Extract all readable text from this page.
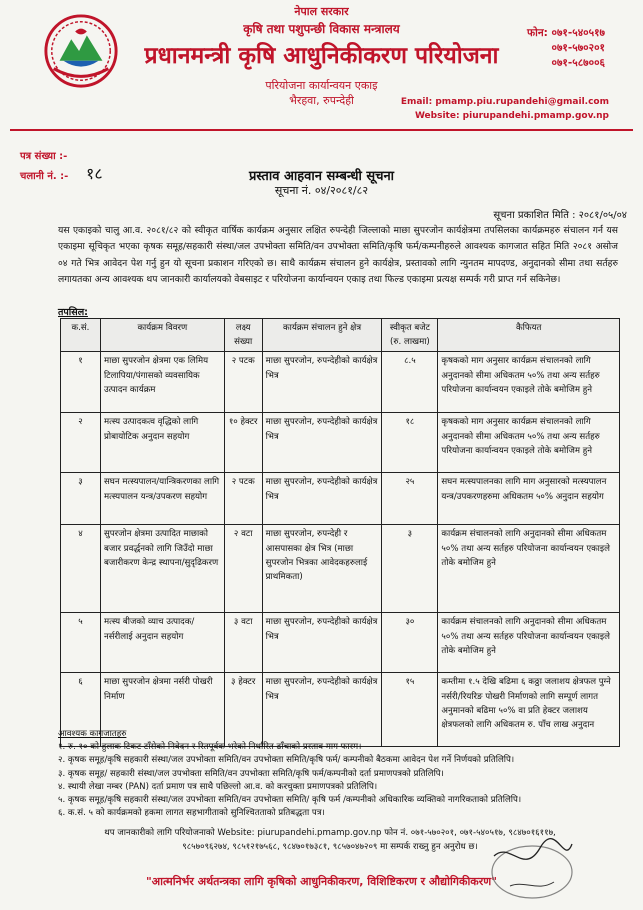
नेपाल सरकार
कृषि तथा पशुपन्छी विकास मन्त्रालय
प्रधानमन्त्री कृषि आधुनिकीकरण परियोजना
परियोजना कार्यान्वयन एकाइ
भैरहवा, रुपन्देही
फोन: ०७१-५४०५१७
०७१-५७०२०१
०७१-५८७००६
Email: pmamp.piu.rupandehi@gmail.com
Website: piurupandehi.pmamp.gov.np
पत्र संख्या :-
चलानी नं. :- १८	प्रस्ताव आहवान सम्बन्धी सूचना
सूचना नं. ०४/२०८१/८२
सूचना प्रकाशित मिति : २०८१/०५/०४
यस एकाइको चालु आ.व. २०८१/८२ को स्वीकृत वार्षिक कार्यक्रम अनुसार लक्षित रुपन्देही जिल्लाको माछा सुपरजोन कार्यक्षेत्रमा तपसिलका कार्यक्रमहरु संचालन गर्न यस एकाइमा सूचिकृत भएका कृषक समूह/सहकारी संस्था/जल उपभोक्ता समिति/वन उपभोक्ता समिति/कृषि फर्म/कम्पनीहरुले आवश्यक कागजात सहित मिति २०८१ असोज ०४ गते भित्र आवेदन पेश गर्नु हुन यो सूचना प्रकाशन गरिएको छ। साथै कार्यक्रम संचालन हुने कार्यक्षेत्र, प्रस्तावको लागि न्युनतम मापदण्ड, अनुदानको सीमा तथा सर्तहरु लगायतका अन्य आवश्यक थप जानकारी कार्यालयको वेबसाइट र परियोजना कार्यान्वयन एकाइ तथा फिल्ड एकाइमा प्रत्यक्ष सम्पर्क गरी प्राप्त गर्न सकिनेछ।
तपसिल:
क.सं.	कार्यक्रम विवरण	लक्ष्य संख्या	कार्यक्रम संचालन हुने क्षेत्र	स्वीकृत बजेट (रु. लाखमा)	कैफियत
१	माछा सुपरजोन क्षेत्रमा एक लिमिय टिलापिया/पंगासको व्यवसायिक उत्पादन कार्यक्रम	२ पटक	माछा सुपरजोन, रुपन्देहीको कार्यक्षेत्र भित्र	८.५	कृषकको माग अनुसार कार्यक्रम संचालनको लागि अनुदानको सीमा अधिकतम ५०% तथा अन्य सर्तहरु परियोजना कार्यान्वयन एकाइले तोके बमोजिम हुने
२	मत्स्य उत्पादकत्व वृद्धिको लागि प्रोबायोटिक अनुदान सहयोग	१० हेक्टर	माछा सुपरजोन, रुपन्देहीको कार्यक्षेत्र भित्र	१८	कृषकको माग अनुसार कार्यक्रम संचालनको लागि अनुदानको सीमा अधिकतम ५०% तथा अन्य सर्तहरु परियोजना कार्यान्वयन एकाइले तोके बमोजिम हुने
३	सघन मत्स्यपालन/यान्त्रिकरणका लागि मत्स्यपालन यन्त्र/उपकरण सहयोग	२ पटक	माछा सुपरजोन, रुपन्देहीको कार्यक्षेत्र भित्र	२५	सघन मत्स्यपालनका लागि माग अनुसारको मत्स्यपालन यन्त्र/उपकरणहरुमा अधिकतम ५०% अनुदान सहयोग
४	सुपरजोन क्षेत्रमा उत्पादित माछाको बजार प्रवर्द्धनको लागि जिउँदो माछा बजारीकरण केन्द्र स्थापना/सुदृढिकरण	२ वटा	माछा सुपरजोन, रुपन्देही र आसपासका क्षेत्र भित्र (माछा सुपरजोन भित्रका आवेदकहरुलाई प्राथमिकता)	३	कार्यक्रम संचालनको लागि अनुदानको सीमा अधिकतम ५०% तथा अन्य सर्तहरु परियोजना कार्यान्वयन एकाइले तोके बमोजिम हुने
५	मत्स्य बीजको व्याच उत्पादक/नर्सरीलाई अनुदान सहयोग	३ वटा	माछा सुपरजोन, रुपन्देहीको कार्यक्षेत्र भित्र	३०	कार्यक्रम संचालनको लागि अनुदानको सीमा अधिकतम ५०% तथा अन्य सर्तहरु परियोजना कार्यान्वयन एकाइले तोके बमोजिम हुने
६	माछा सुपरजोन क्षेत्रमा नर्सरी पोखरी निर्माण	३ हेक्टर	माछा सुपरजोन, रुपन्देहीको कार्यक्षेत्र भित्र	१५	कम्तीमा १.५ देखि बढिमा ६ कठ्ठा जलाशय क्षेत्रफल पुग्ने नर्सरी/रियरिङ पोखरी निर्माणको लागि सम्पूर्ण लागत अनुमानको बढिमा ५०% वा प्रति हेक्टर जलाशय क्षेत्रफलको लागि अधिकतम रु. पाँच लाख अनुदान
आवश्यक कागजातहरु
१. रु. १० को हुलाक टिकट टाँसेको निवेदन र रितपूर्वक भरेको निर्धारित ढाँचाको प्रस्ताव माग फारम।
२. कृषक समूह/कृषि सहकारी संस्था/जल उपभोक्ता समिति/वन उपभोक्ता समिति/कृषि फर्म/ कम्पनीको बैठकमा आवेदन पेश गर्ने निर्णयको प्रतिलिपि।
३. कृषक समूह/ सहकारी संस्था/जल उपभोक्ता समिति/वन उपभोक्ता समिति/कृषि फर्म/कम्पनीको दर्ता प्रमाणपत्रको प्रतिलिपि।
४. स्थायी लेखा नम्बर (PAN) दर्ता प्रमाण पत्र साथै पछिल्लो आ.व. को करचुक्ता प्रमाणपत्रको प्रतिलिपि।
५. कृषक समूह/कृषि सहकारी संस्था/जल उपभोक्ता समिति/वन उपभोक्ता समिति/ कृषि फर्म /कम्पनीको अधिकारिक व्यक्तिको नागरिकताको प्रतिलिपि।
६. क.सं. ५ को कार्यक्रमको हकमा लागत सहभागीताको सुनिश्चितताको प्रतिबद्धता पत्र।
थप जानकारीको लागि परियोजनाको Website: piurupandehi.pmamp.gov.np फोन नं. ०७१-५७०२०१, ०७१-५४०५१७, ९८४७०१६११७,
९८५७०९६२७४, ९८५१२१७५६८, ९८४७०१७३८१, ९८५७०४७२०९ मा सम्पर्क राख्नु हुन अनुरोध छ।
"आत्मनिर्भर अर्थतन्त्रका लागि कृषिको आधुनिकीकरण, विशिष्टिकरण र औद्योगिकीकरण"
